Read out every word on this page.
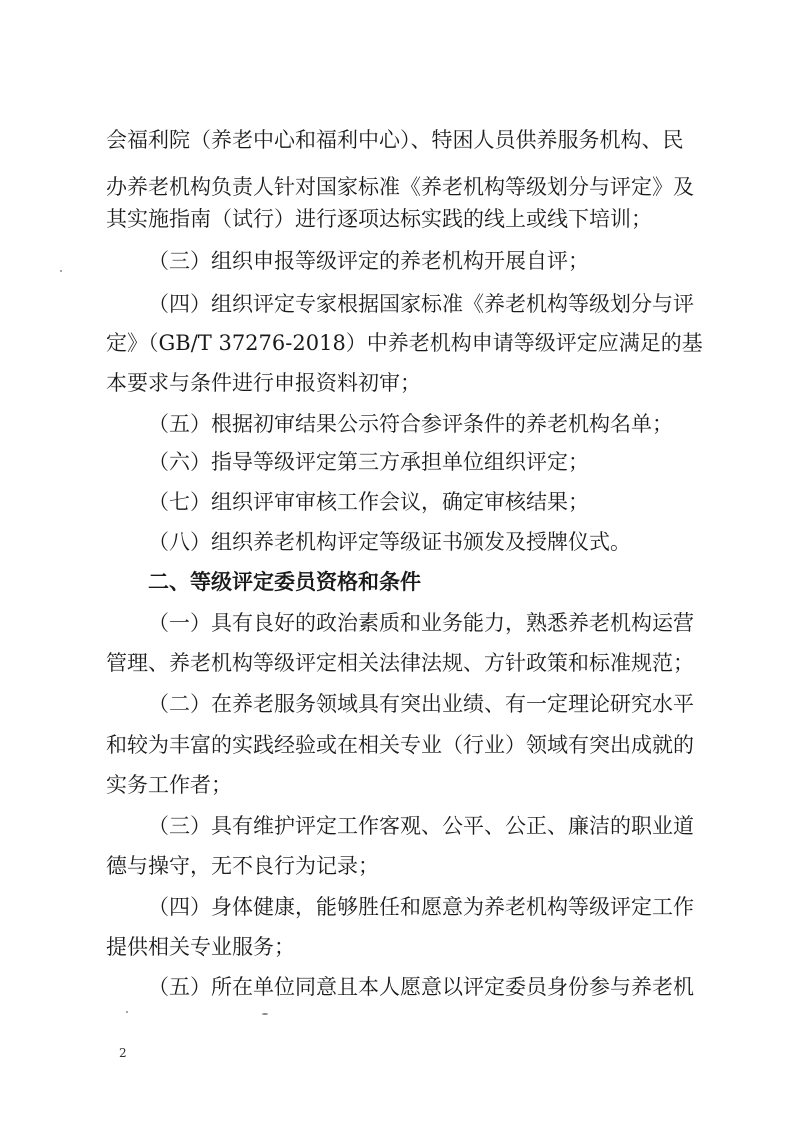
会福利院（养老中心和福利中心）、特困人员供养服务机构、民
办养老机构负责人针对国家标准《养老机构等级划分与评定》及
其实施指南（试行）进行逐项达标实践的线上或线下培训；
（三）组织申报等级评定的养老机构开展自评；
（四）组织评定专家根据国家标准《养老机构等级划分与评
定》（GB/T 37276-2018）中养老机构申请等级评定应满足的基
本要求与条件进行申报资料初审；
（五）根据初审结果公示符合参评条件的养老机构名单；
（六）指导等级评定第三方承担单位组织评定；
（七）组织评审审核工作会议，确定审核结果；
（八）组织养老机构评定等级证书颁发及授牌仪式。
二、等级评定委员资格和条件
（一）具有良好的政治素质和业务能力，熟悉养老机构运营
管理、养老机构等级评定相关法律法规、方针政策和标准规范；
（二）在养老服务领域具有突出业绩、有一定理论研究水平
和较为丰富的实践经验或在相关专业（行业）领域有突出成就的
实务工作者；
（三）具有维护评定工作客观、公平、公正、廉洁的职业道
德与操守，无不良行为记录；
（四）身体健康，能够胜任和愿意为养老机构等级评定工作
提供相关专业服务；
（五）所在单位同意且本人愿意以评定委员身份参与养老机
2
